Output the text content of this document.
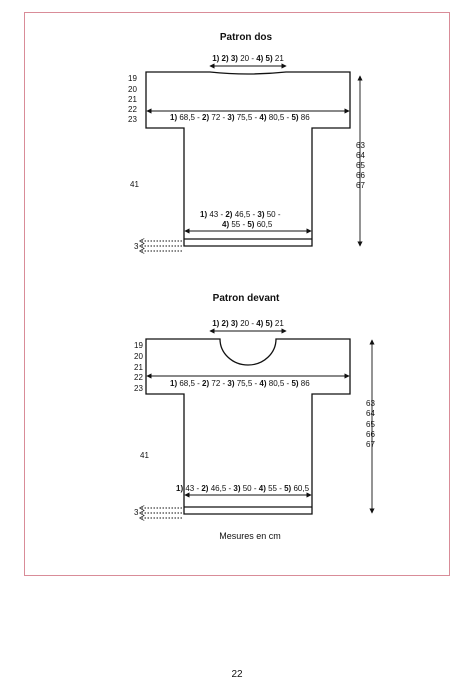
Patron dos
1) 2) 3) 20 - 4) 5) 21
19
20
21
22
23	1) 68,5 - 2) 72 - 3) 75,5 - 4) 80,5 - 5) 86
63
64
65
66
67
41
1) 43 - 2) 46,5 - 3) 50 -
4) 55 - 5) 60,5
3
Patron devant
1) 2) 3) 20 - 4) 5) 21
19
20
21
22
23
1) 68,5 - 2) 72 - 3) 75,5 - 4) 80,5 - 5) 86
63
64
65
66
67
41
1) 43 - 2) 46,5 - 3) 50 - 4) 55 - 5) 60,5
3
Mesures en cm
22
